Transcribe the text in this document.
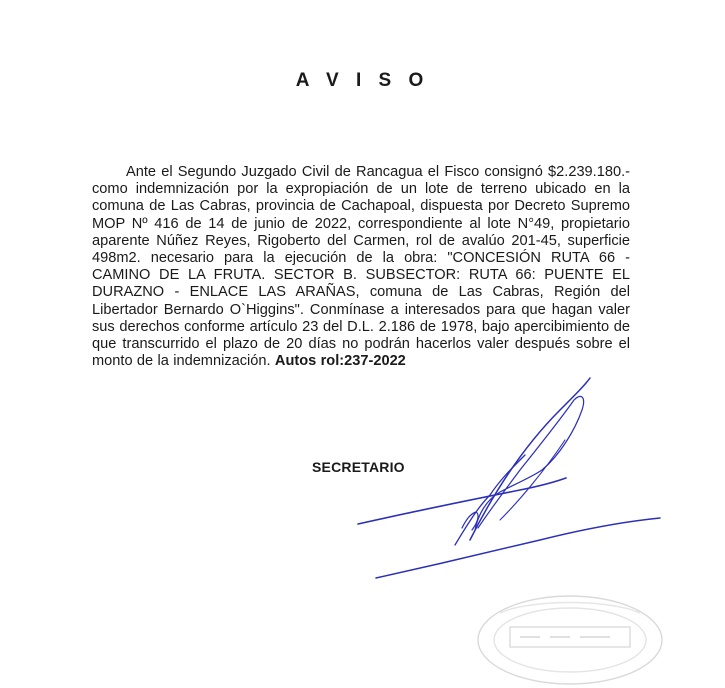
A V I S O

Ante el Segundo Juzgado Civil de Rancagua el Fisco consignó $2.239.180.- como indemnización por la expropiación de un lote de terreno ubicado en la comuna de Las Cabras, provincia de Cachapoal, dispuesta por Decreto Supremo MOP Nº 416 de 14 de junio de 2022, correspondiente al lote N°49, propietario aparente Núñez Reyes, Rigoberto del Carmen, rol de avalúo 201-45, superficie 498m2. necesario para la ejecución de la obra: "CONCESIÓN RUTA 66 - CAMINO DE LA FRUTA. SECTOR B. SUBSECTOR: RUTA 66: PUENTE EL DURAZNO - ENLACE LAS ARAÑAS, comuna de Las Cabras, Región del Libertador Bernardo O`Higgins". Conmínase a interesados para que hagan valer sus derechos conforme artículo 23 del D.L. 2.186 de 1978, bajo apercibimiento de que transcurrido el plazo de 20 días no podrán hacerlos valer después sobre el monto de la indemnización. Autos rol:237-2022

SECRETARIO
